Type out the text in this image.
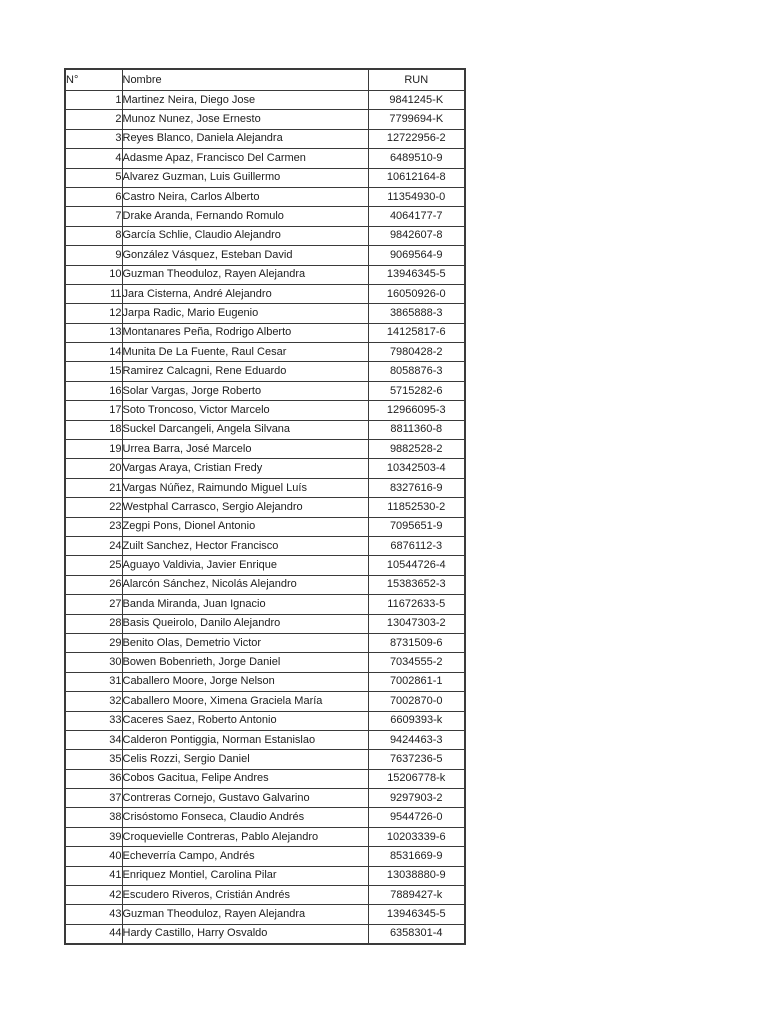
N°	Nombre	RUN
1	Martinez Neira, Diego Jose	9841245-K
2	Munoz Nunez, Jose Ernesto	7799694-K
3	Reyes Blanco, Daniela Alejandra	12722956-2
4	Adasme Apaz, Francisco Del Carmen	6489510-9
5	Alvarez Guzman, Luis Guillermo	10612164-8
6	Castro Neira, Carlos Alberto	11354930-0
7	Drake Aranda, Fernando Romulo	4064177-7
8	García Schlie, Claudio Alejandro	9842607-8
9	González Vásquez, Esteban David	9069564-9
10	Guzman Theoduloz, Rayen Alejandra	13946345-5
11	Jara Cisterna, André Alejandro	16050926-0
12	Jarpa Radic, Mario Eugenio	3865888-3
13	Montanares Peña, Rodrigo Alberto	14125817-6
14	Munita De La Fuente, Raul Cesar	7980428-2
15	Ramirez Calcagni, Rene Eduardo	8058876-3
16	Solar Vargas, Jorge Roberto	5715282-6
17	Soto Troncoso, Victor Marcelo	12966095-3
18	Suckel Darcangeli, Angela Silvana	8811360-8
19	Urrea Barra, José Marcelo	9882528-2
20	Vargas Araya, Cristian Fredy	10342503-4
21	Vargas Núñez, Raimundo Miguel Luís	8327616-9
22	Westphal Carrasco, Sergio Alejandro	11852530-2
23	Zegpi Pons, Dionel Antonio	7095651-9
24	Zuilt Sanchez, Hector Francisco	6876112-3
25	Aguayo Valdivia, Javier Enrique	10544726-4
26	Alarcón Sánchez, Nicolás Alejandro	15383652-3
27	Banda Miranda, Juan Ignacio	11672633-5
28	Basis Queirolo, Danilo Alejandro	13047303-2
29	Benito Olas, Demetrio Victor	8731509-6
30	Bowen Bobenrieth, Jorge Daniel	7034555-2
31	Caballero Moore, Jorge Nelson	7002861-1
32	Caballero Moore, Ximena Graciela María	7002870-0
33	Caceres Saez, Roberto Antonio	6609393-k
34	Calderon Pontiggia, Norman Estanislao	9424463-3
35	Celis Rozzi, Sergio Daniel	7637236-5
36	Cobos Gacitua, Felipe Andres	15206778-k
37	Contreras Cornejo, Gustavo Galvarino	9297903-2
38	Crisóstomo Fonseca, Claudio Andrés	9544726-0
39	Croquevielle Contreras, Pablo Alejandro	10203339-6
40	Echeverría Campo, Andrés	8531669-9
41	Enriquez Montiel, Carolina Pilar	13038880-9
42	Escudero Riveros, Cristián Andrés	7889427-k
43	Guzman Theoduloz, Rayen Alejandra	13946345-5
44	Hardy Castillo, Harry Osvaldo	6358301-4
